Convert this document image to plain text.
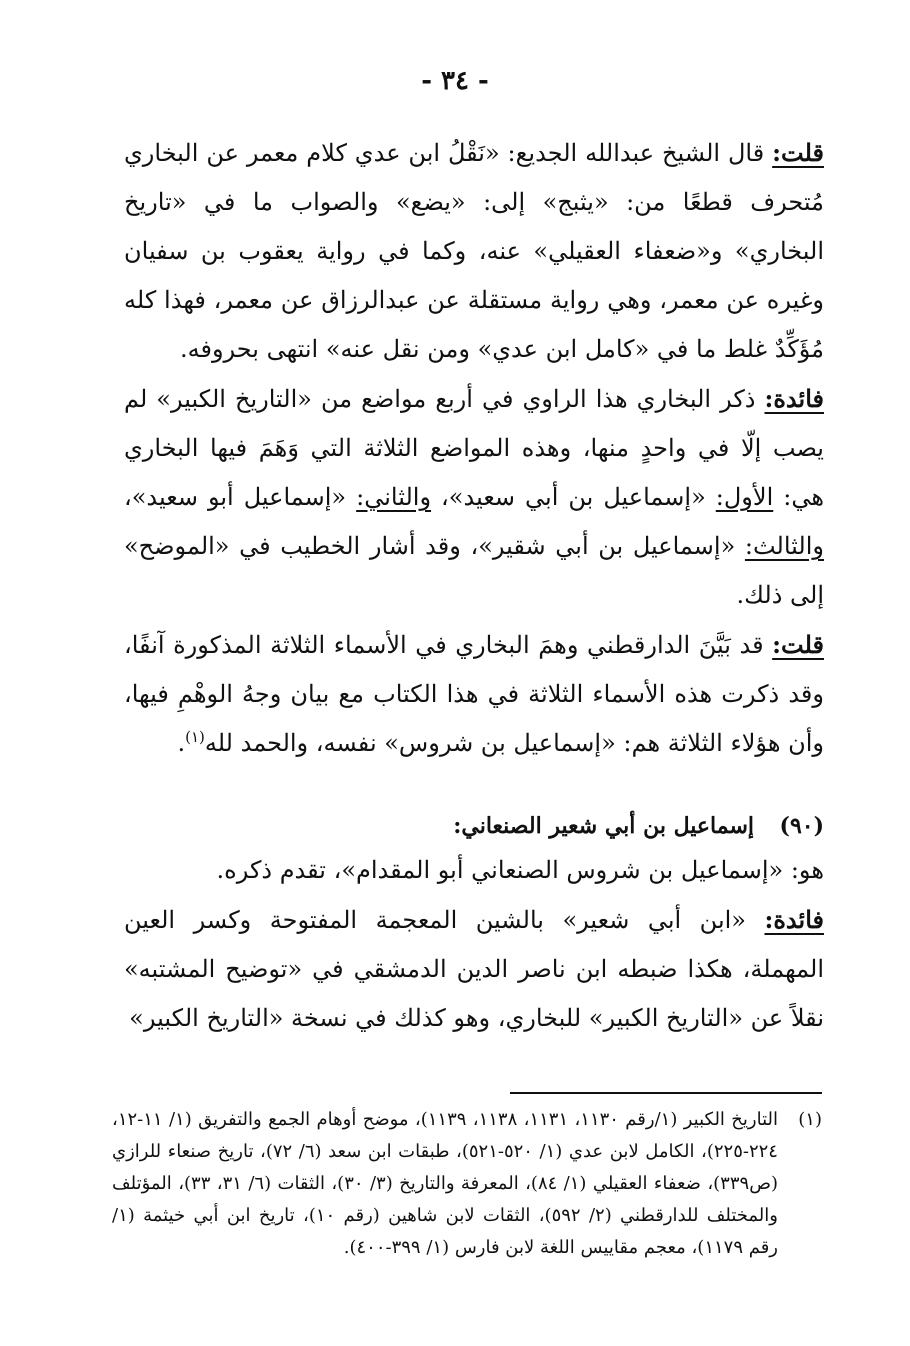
- ٣٤ -

قلت: قال الشيخ عبدالله الجديع: «نَقْلُ ابن عدي كلام معمر عن البخاري مُتحرف قطعًا من: «يثبج» إلى: «يضع» والصواب ما في «تاريخ البخاري» و«ضعفاء العقيلي» عنه، وكما في رواية يعقوب بن سفيان وغيره عن معمر، وهي رواية مستقلة عن عبدالرزاق عن معمر، فهذا كله مُؤَكِّدٌ غلط ما في «كامل ابن عدي» ومن نقل عنه» انتهى بحروفه.

فائدة: ذكر البخاري هذا الراوي في أربع مواضع من «التاريخ الكبير» لم يصب إلّا في واحدٍ منها، وهذه المواضع الثلاثة التي وَهَمَ فيها البخاري هي: الأول: «إسماعيل بن أبي سعيد»، والثاني: «إسماعيل أبو سعيد»، والثالث: «إسماعيل بن أبي شقير»، وقد أشار الخطيب في «الموضح» إلى ذلك.

قلت: قد بَيَّنَ الدارقطني وهمَ البخاري في الأسماء الثلاثة المذكورة آنفًا، وقد ذكرت هذه الأسماء الثلاثة في هذا الكتاب مع بيان وجهُ الوهْمِ فيها، وأن هؤلاء الثلاثة هم: «إسماعيل بن شروس» نفسه، والحمد لله$^{(١)}$.

(٩٠)
إسماعيل بن أبي شعير الصنعاني:
هو: «إسماعيل بن شروس الصنعاني أبو المقدام»، تقدم ذكره.
فائدة: «ابن أبي شعير» بالشين المعجمة المفتوحة وكسر العين المهملة، هكذا ضبطه ابن ناصر الدين الدمشقي في «توضيح المشتبه» نقلاً عن «التاريخ الكبير» للبخاري، وهو كذلك في نسخة «التاريخ الكبير»
(١)
التاريخ الكبير (١/رقم ١١٣٠، ١١٣١، ١١٣٨، ١١٣٩)، موضح أوهام الجمع والتفريق (١/ ١١-١٢، ٢٢٤-٢٢٥)، الكامل لابن عدي (١/ ٥٢٠-٥٢١)، طبقات ابن سعد (٦/ ٧٢)، تاريخ صنعاء للرازي (ص٣٣٩)، ضعفاء العقيلي (١/ ٨٤)، المعرفة والتاريخ (٣/ ٣٠)، الثقات (٦/ ٣١، ٣٣)، المؤتلف والمختلف للدارقطني (٢/ ٥٩٢)، الثقات لابن شاهين (رقم ١٠)، تاريخ ابن أبي خيثمة (١/ رقم ١١٧٩)، معجم مقاييس اللغة لابن فارس (١/ ٣٩٩-٤٠٠).
